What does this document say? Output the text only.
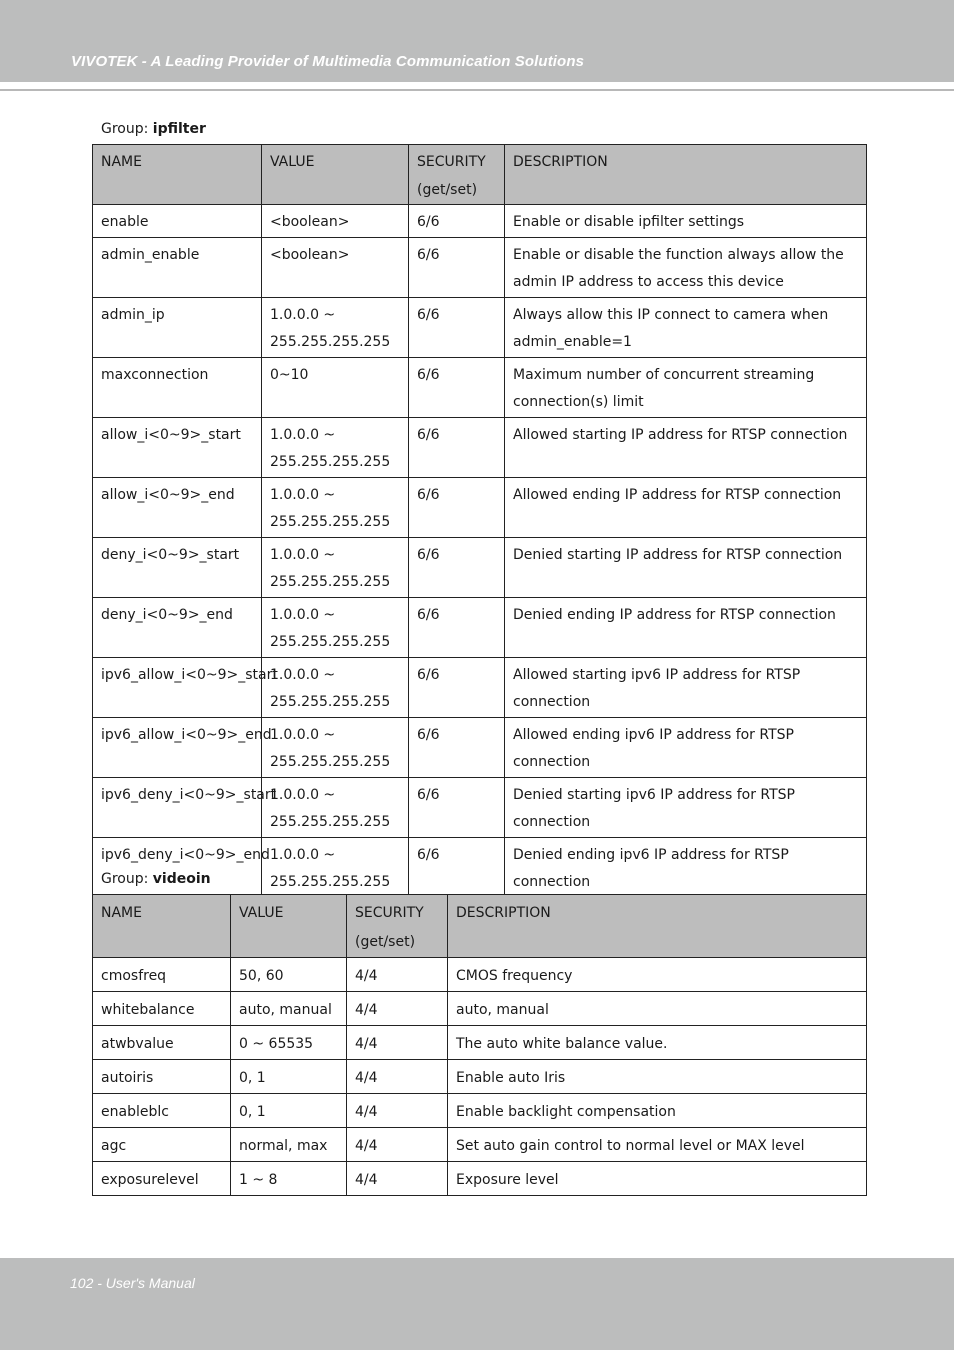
VIVOTEK - A Leading Provider of Multimedia Communication Solutions
Group: ipfilter
NAME	VALUE	SECURITY (get/set)	DESCRIPTION
enable	<boolean>	6/6	Enable or disable ipfilter settings
admin_enable	<boolean>	6/6	Enable or disable the function always allow the admin IP address to access this device
admin_ip	1.0.0.0 ~ 255.255.255.255	6/6	Always allow this IP connect to camera when admin_enable=1
maxconnection	0~10	6/6	Maximum number of concurrent streaming connection(s) limit
allow_i<0~9>_start	1.0.0.0 ~ 255.255.255.255	6/6	Allowed starting IP address for RTSP connection
allow_i<0~9>_end	1.0.0.0 ~ 255.255.255.255	6/6	Allowed ending IP address for RTSP connection
deny_i<0~9>_start	1.0.0.0 ~ 255.255.255.255	6/6	Denied starting IP address for RTSP connection
deny_i<0~9>_end	1.0.0.0 ~ 255.255.255.255	6/6	Denied ending IP address for RTSP connection
ipv6_allow_i<0~9>_start	1.0.0.0 ~ 255.255.255.255	6/6	Allowed starting ipv6 IP address for RTSP connection
ipv6_allow_i<0~9>_end	1.0.0.0 ~ 255.255.255.255	6/6	Allowed ending ipv6 IP address for RTSP connection
ipv6_deny_i<0~9>_start	1.0.0.0 ~ 255.255.255.255	6/6	Denied starting ipv6 IP address for RTSP connection
ipv6_deny_i<0~9>_end	1.0.0.0 ~ 255.255.255.255	6/6	Denied ending ipv6 IP address for RTSP connection
Group: videoin
NAME	VALUE	SECURITY (get/set)	DESCRIPTION
cmosfreq	50, 60	4/4	CMOS frequency
whitebalance	auto, manual	4/4	auto, manual
atwbvalue	0 ~ 65535	4/4	The auto white balance value.
autoiris	0, 1	4/4	Enable auto Iris
enableblc	0, 1	4/4	Enable backlight compensation
agc	normal, max	4/4	Set auto gain control to normal level or MAX level
exposurelevel	1 ~ 8	4/4	Exposure level
102 - User's Manual
